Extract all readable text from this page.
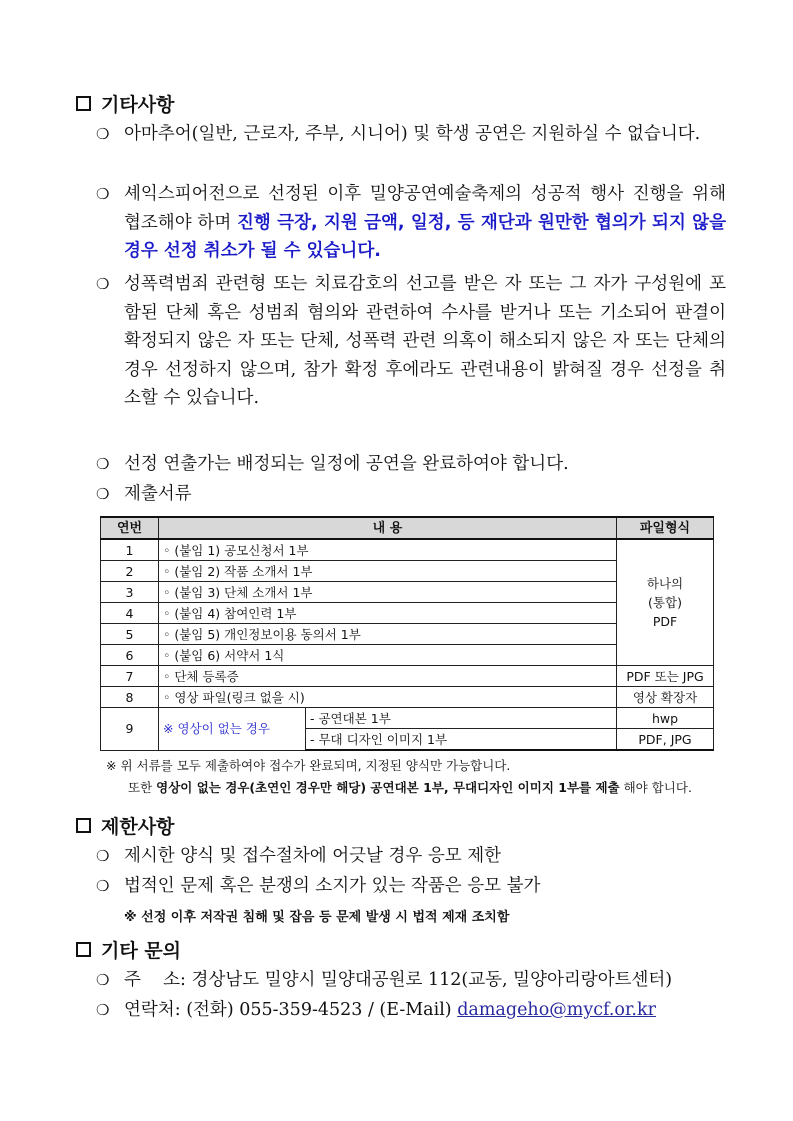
기타사항
❍ 아마추어(일반, 근로자, 주부, 시니어) 및 학생 공연은 지원하실 수 없습니다.
❍ 셰익스피어전으로 선정된 이후 밀양공연예술축제의 성공적 행사 진행을 위해 협조해야 하며 진행 극장, 지원 금액, 일정, 등 재단과 원만한 협의가 되지 않을 경우 선정 취소가 될 수 있습니다.
❍ 성폭력범죄 관련형 또는 치료감호의 선고를 받은 자 또는 그 자가 구성원에 포함된 단체 혹은 성범죄 혐의와 관련하여 수사를 받거나 또는 기소되어 판결이 확정되지 않은 자 또는 단체, 성폭력 관련 의혹이 해소되지 않은 자 또는 단체의 경우 선정하지 않으며, 참가 확정 후에라도 관련내용이 밝혀질 경우 선정을 취소할 수 있습니다.
❍ 선정 연출가는 배정되는 일정에 공연을 완료하여야 합니다.
❍ 제출서류
연번	내 용		파일형식
1	◦ (붙임 1) 공모신청서 1부		하나의
(통합)
PDF

2	◦ (붙임 2) 작품 소개서 1부		
3	◦ (붙임 3) 단체 소개서 1부		
4	◦ (붙임 4) 참여인력 1부		
5	◦ (붙임 5) 개인정보이용 동의서 1부		
6	◦ (붙임 6) 서약서 1식		
7	◦ 단체 등록증		PDF 또는 JPG
8	◦ 영상 파일(링크 없을 시)		영상 확장자
9	※ 영상이 없는 경우	- 공연대본 1부	hwp
		- 무대 디자인 이미지 1부	PDF, JPG
※ 위 서류를 모두 제출하여야 접수가 완료되며, 지정된 양식만 가능합니다.
또한 영상이 없는 경우(초연인 경우만 해당) 공연대본 1부, 무대디자인 이미지 1부를 제출 해야 합니다.
제한사항
❍ 제시한 양식 및 접수절차에 어긋날 경우 응모 제한
❍ 법적인 문제 혹은 분쟁의 소지가 있는 작품은 응모 불가
※ 선정 이후 저작권 침해 및 잡음 등 문제 발생 시 법적 제재 조치함
기타 문의
❍ 주    소: 경상남도 밀양시 밀양대공원로 112(교동, 밀양아리랑아트센터)
❍ 연락처: (전화) 055-359-4523 / (E-Mail) damageho@mycf.or.kr
